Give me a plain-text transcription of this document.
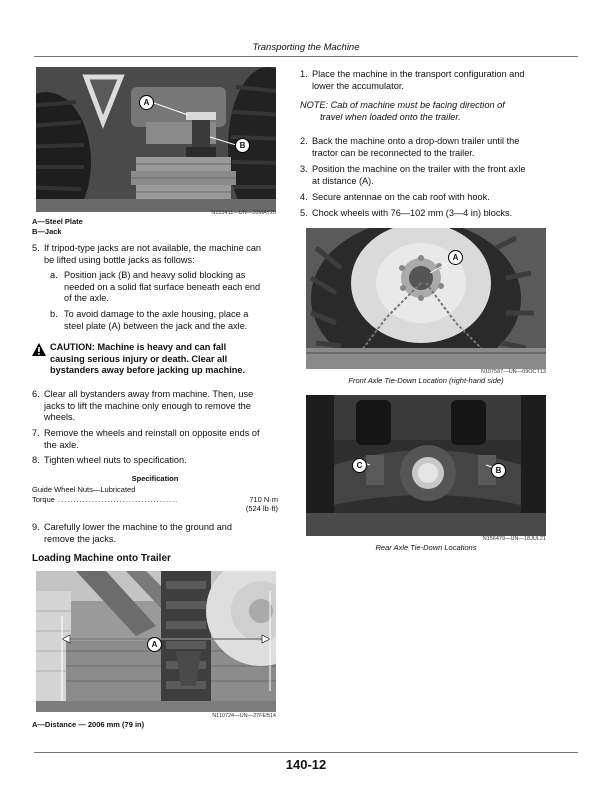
Transporting the Machine
A
B
N151411—UN—26MAY20
A—Steel Plate
B—Jack
5. If tripod-type jacks are not available, the machine can
be lifted using bottle jacks as follows:
a. Position jack (B) and heavy solid blocking as
needed on a solid flat surface beneath each end
of the axle.
b. To avoid damage to the axle housing, place a
steel plate (A) between the jack and the axle.
CAUTION: Machine is heavy and can fall
causing serious injury or death. Clear all
bystanders away before jacking up machine.
6. Clear all bystanders away from machine. Then, use
jacks to lift the machine only enough to remove the
wheels.
7. Remove the wheels and reinstall on opposite ends of
the axle.
8. Tighten wheel nuts to specification.
Specification
Guide Wheel Nuts—Lubricated
Torque .......................................	710 N·m
(524 lb·ft)
9. Carefully lower the machine to the ground and
remove the jacks.
Loading Machine onto Trailer
A
N110724—UN—27FEB14
A—Distance — 2006 mm (79 in)
1. Place the machine in the transport configuration and
lower the accumulator.
NOTE: Cab of machine must be facing direction of
travel when loaded onto the trailer.
2. Back the machine onto a drop-down trailer until the
tractor can be reconnected to the trailer.
3. Position the machine on the trailer with the front axle
at distance (A).
4. Secure antennae on the cab roof with hook.
5. Chock wheels with 76—102 mm (3—4 in) blocks.
A
N107587—UN—09OCT13
Front Axle Tie-Down Location (right-hand side)
C
B
N156479—UN—18JUL21
Rear Axle Tie-Down Locations
140-12
